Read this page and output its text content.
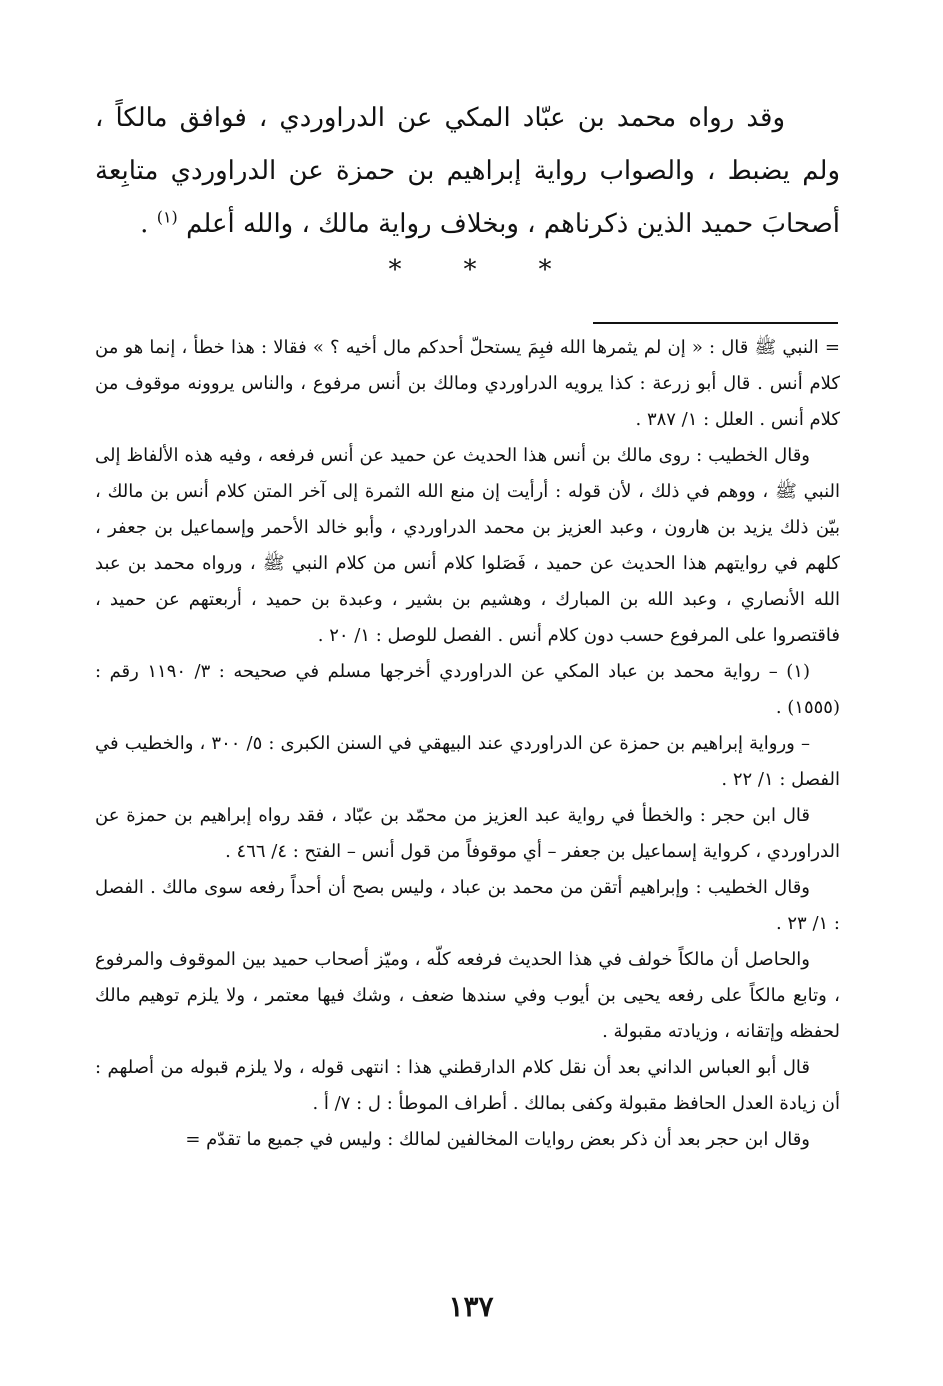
وقد رواه محمد بن عبّاد المكي عن الدراوردي ، فوافق مالكاً ، ولم يضبط ، والصواب رواية إبراهيم بن حمزة عن الدراوردي متابِعة أصحابَ حميد الذين ذكرناهم ، وبخلاف رواية مالك ، والله أعلم $^{(١)}$ .

*	*	*

= النبي ﷺ قال : « إن لم يثمرها الله فبِمَ يستحلّ أحدكم مال أخيه ؟ » فقالا : هذا خطأ ، إنما هو من كلام أنس . قال أبو زرعة : كذا يرويه الدراوردي ومالك بن أنس مرفوع ، والناس يروونه موقوف من كلام أنس . العلل : ١/ ٣٨٧ .

وقال الخطيب : روى مالك بن أنس هذا الحديث عن حميد عن أنس فرفعه ، وفيه هذه الألفاظ إلى النبي ﷺ ، ووهم في ذلك ، لأن قوله : أرأيت إن منع الله الثمرة إلى آخر المتن كلام أنس بن مالك ، بيّن ذلك يزيد بن هارون ، وعبد العزيز بن محمد الدراوردي ، وأبو خالد الأحمر وإسماعيل بن جعفر ، كلهم في روايتهم هذا الحديث عن حميد ، فَصَلوا كلام أنس من كلام النبي ﷺ ، ورواه محمد بن عبد الله الأنصاري ، وعبد الله بن المبارك ، وهشيم بن بشير ، وعبدة بن حميد ، أربعتهم عن حميد ، فاقتصروا على المرفوع حسب دون كلام أنس . الفصل للوصل : ١/ ٢٠ .

(١) – رواية محمد بن عباد المكي عن الدراوردي أخرجها مسلم في صحيحه : ٣/ ١١٩٠ رقم : (١٥٥٥) .

– ورواية إبراهيم بن حمزة عن الدراوردي عند البيهقي في السنن الكبرى : ٥/ ٣٠٠ ، والخطيب في الفصل : ١/ ٢٢ .

قال ابن حجر : والخطأ في رواية عبد العزيز من محمّد بن عبّاد ، فقد رواه إبراهيم بن حمزة عن الدراوردي ، كرواية إسماعيل بن جعفر – أي موقوفاً من قول أنس – الفتح : ٤/ ٤٦٦ .

وقال الخطيب : وإبراهيم أتقن من محمد بن عباد ، وليس بصح أن أحداً رفعه سوى مالك . الفصل : ١/ ٢٣ .

والحاصل أن مالكاً خولف في هذا الحديث فرفعه كلّه ، وميّز أصحاب حميد بين الموقوف والمرفوع ، وتابع مالكاً على رفعه يحيى بن أيوب وفي سندها ضعف ، وشك فيها معتمر ، ولا يلزم توهيم مالك لحفظه وإتقانه ، وزيادته مقبولة .

قال أبو العباس الداني بعد أن نقل كلام الدارقطني هذا : انتهى قوله ، ولا يلزم قبوله من أصلهم : أن زيادة العدل الحافظ مقبولة وكفى بمالك . أطراف الموطأ : ل : ٧/ أ .

وقال ابن حجر بعد أن ذكر بعض روايات المخالفين لمالك : وليس في جميع ما تقدّم =

١٣٧
